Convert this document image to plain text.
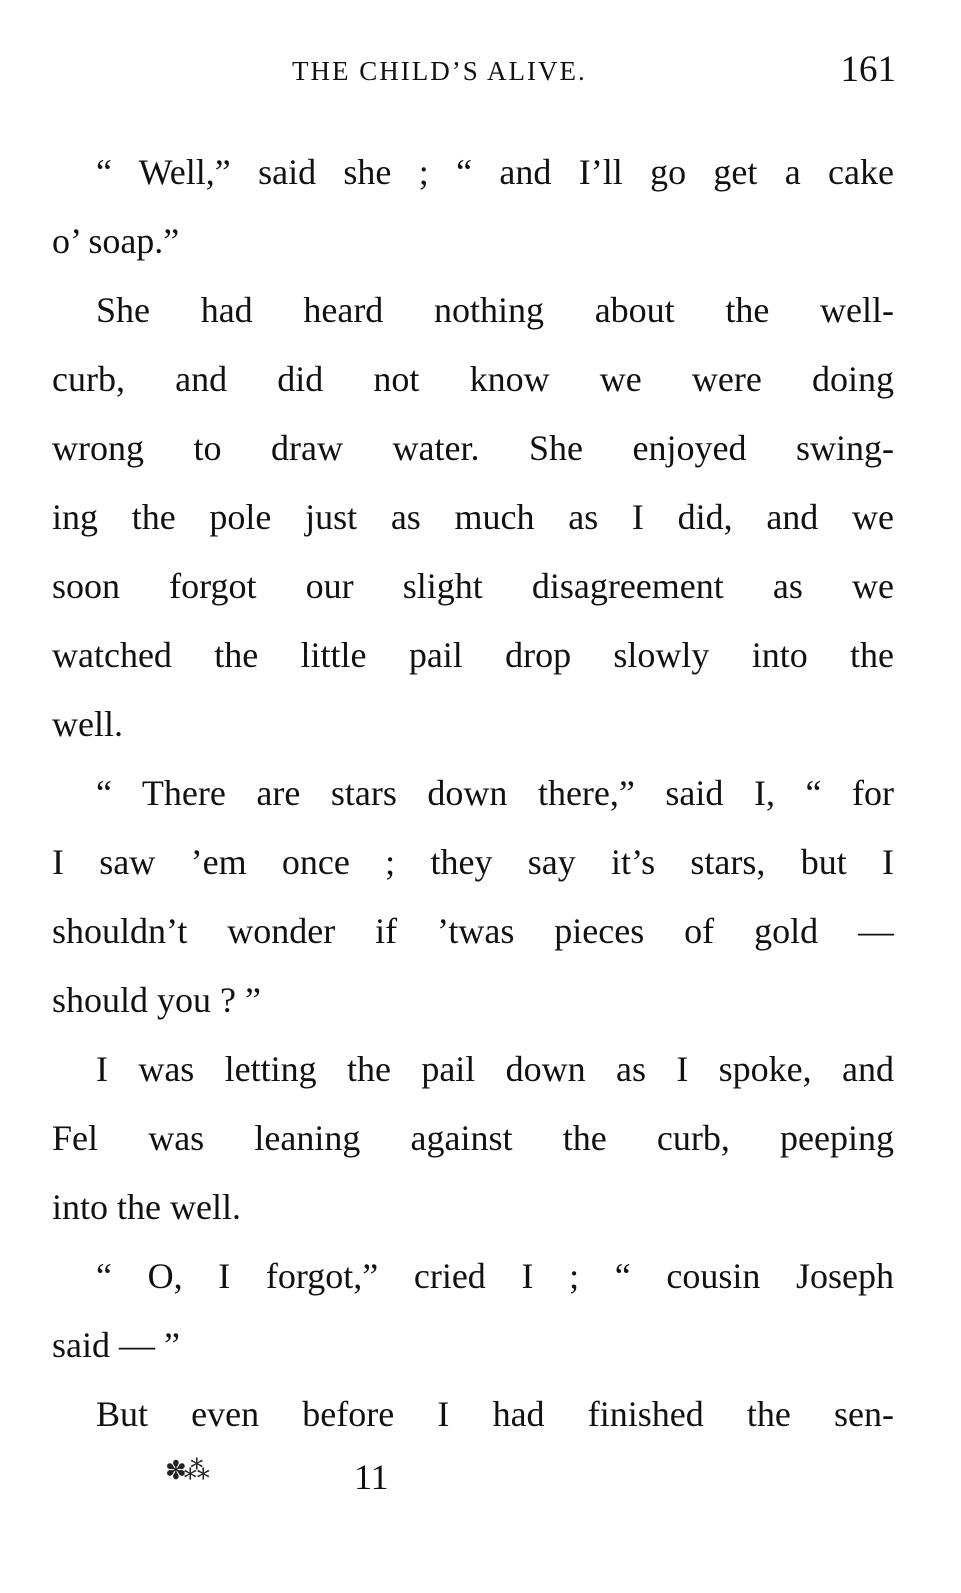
THE CHILD’S ALIVE.	161
“ Well,” said she ; “ and I’ll go get a cake
o’ soap.”
She had heard nothing about the well-
curb, and did not know we were doing
wrong to draw water. She enjoyed swing-
ing the pole just as much as I did, and we
soon forgot our slight disagreement as we
watched the little pail drop slowly into the
well.
“ There are stars down there,” said I, “ for
I saw ’em once ; they say it’s stars, but I
shouldn’t wonder if ’twas pieces of gold —
should you ? ”
I was letting the pail down as I spoke, and
Fel was leaning against the curb, peeping
into the well.
“ O, I forgot,” cried I ; “ cousin Joseph
said — ”
But even before I had finished the sen-
✽⁂	11
